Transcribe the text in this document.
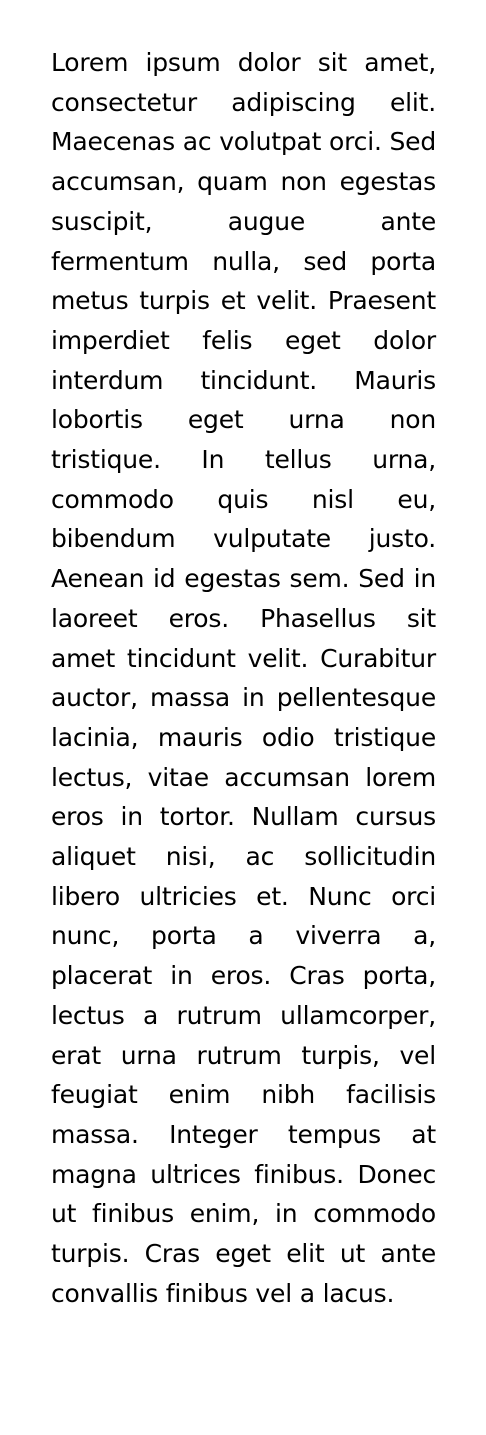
Lorem ipsum dolor sit amet, consectetur adipiscing elit. Maecenas ac volutpat orci. Sed accumsan, quam non egestas suscipit, augue ante fermentum nulla, sed porta metus turpis et velit. Praesent imperdiet felis eget dolor interdum tincidunt. Mauris lobortis eget urna non tristique. In tellus urna, commodo quis nisl eu, bibendum vulputate justo. Aenean id egestas sem. Sed in laoreet eros. Phasellus sit amet tincidunt velit. Curabitur auctor, massa in pellentesque lacinia, mauris odio tristique lectus, vitae accumsan lorem eros in tortor. Nullam cursus aliquet nisi, ac sollicitudin libero ultricies et. Nunc orci nunc, porta a viverra a, placerat in eros. Cras porta, lectus a rutrum ullamcorper, erat urna rutrum turpis, vel feugiat enim nibh facilisis massa. Integer tempus at magna ultrices finibus. Donec ut finibus enim, in commodo turpis. Cras eget elit ut ante convallis finibus vel a lacus.
